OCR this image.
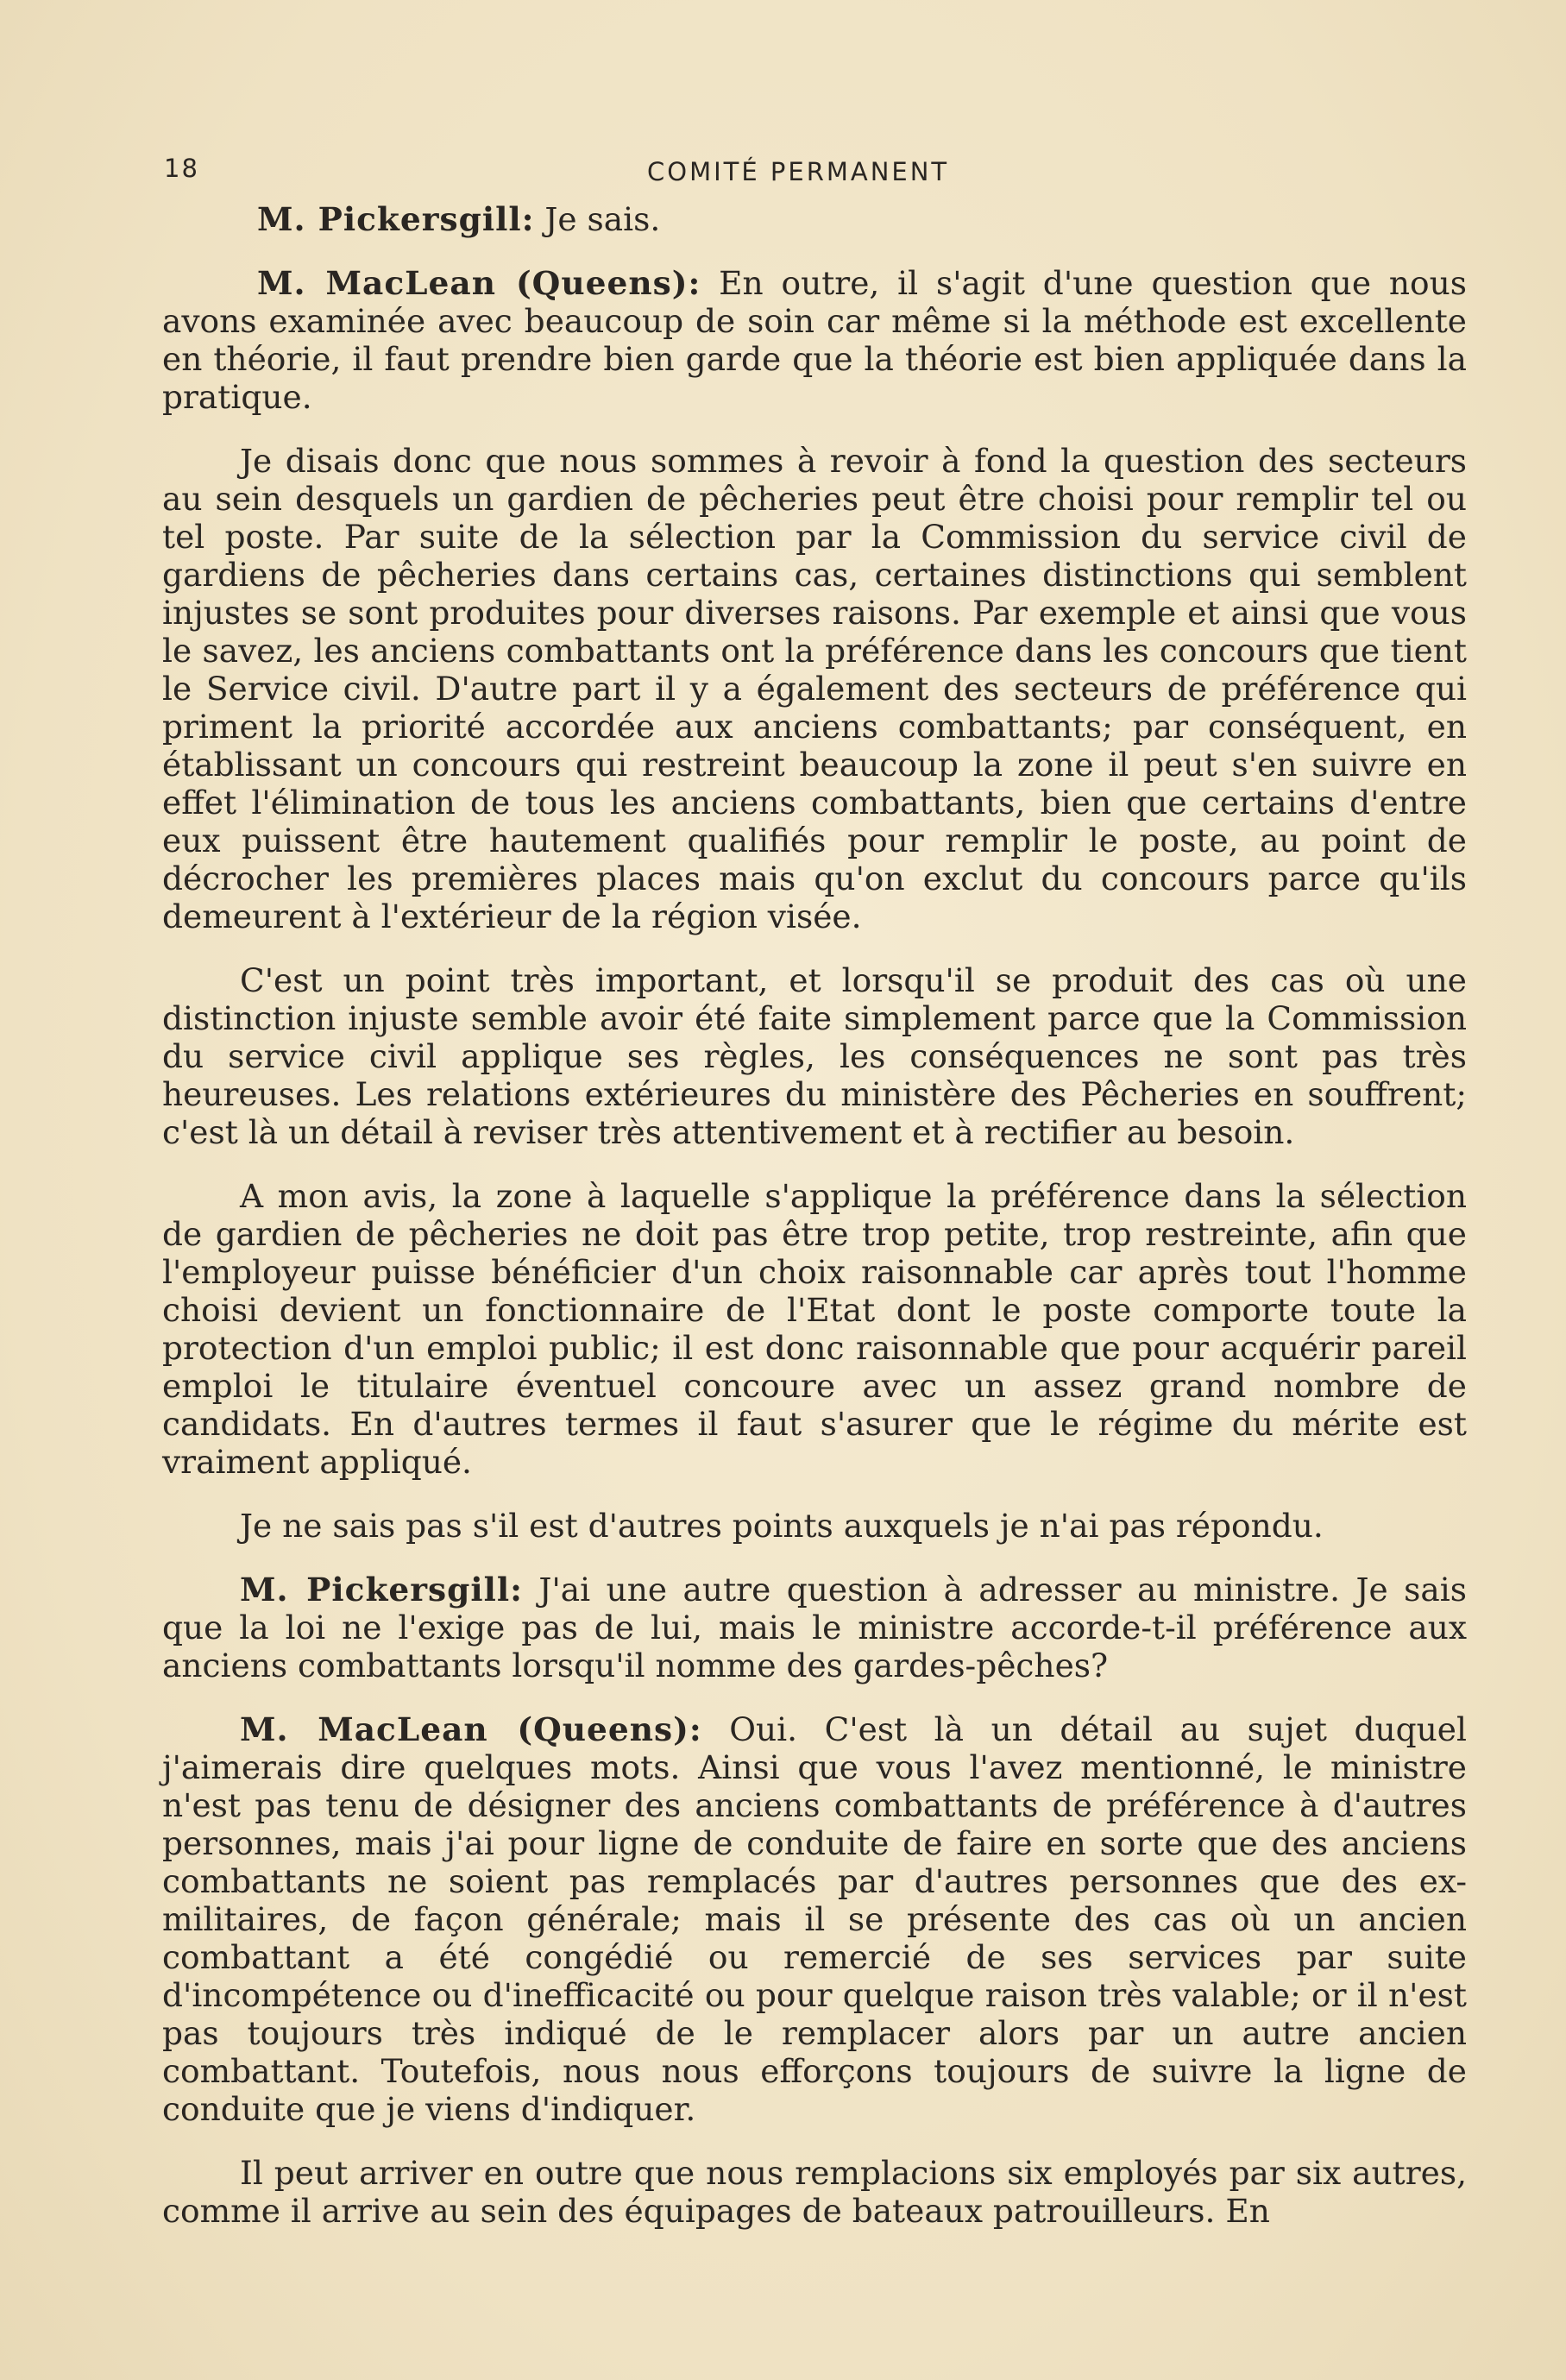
18	COMITÉ PERMANENT

M. Pickersgill: Je sais.

M. MacLean (Queens): En outre, il s'agit d'une question que nous avons examinée avec beaucoup de soin car même si la méthode est excellente en théorie, il faut prendre bien garde que la théorie est bien appliquée dans la pratique.

Je disais donc que nous sommes à revoir à fond la question des secteurs au sein desquels un gardien de pêcheries peut être choisi pour remplir tel ou tel poste. Par suite de la sélection par la Commission du service civil de gardiens de pêcheries dans certains cas, certaines distinctions qui semblent injustes se sont produites pour diverses raisons. Par exemple et ainsi que vous le savez, les anciens combattants ont la préférence dans les concours que tient le Service civil. D'autre part il y a également des secteurs de préférence qui priment la priorité accordée aux anciens combattants; par conséquent, en établissant un concours qui restreint beaucoup la zone il peut s'en suivre en effet l'élimination de tous les anciens combattants, bien que certains d'entre eux puissent être hautement qualifiés pour remplir le poste, au point de décrocher les premières places mais qu'on exclut du concours parce qu'ils demeurent à l'extérieur de la région visée.

C'est un point très important, et lorsqu'il se produit des cas où une distinction injuste semble avoir été faite simplement parce que la Commission du service civil applique ses règles, les conséquences ne sont pas très heureuses. Les relations extérieures du ministère des Pêcheries en souffrent; c'est là un détail à reviser très attentivement et à rectifier au besoin.

A mon avis, la zone à laquelle s'applique la préférence dans la sélection de gardien de pêcheries ne doit pas être trop petite, trop restreinte, afin que l'employeur puisse bénéficier d'un choix raisonnable car après tout l'homme choisi devient un fonctionnaire de l'Etat dont le poste comporte toute la protection d'un emploi public; il est donc raisonnable que pour acquérir pareil emploi le titulaire éventuel concoure avec un assez grand nombre de candidats. En d'autres termes il faut s'asurer que le régime du mérite est vraiment appliqué.

Je ne sais pas s'il est d'autres points auxquels je n'ai pas répondu.

M. Pickersgill: J'ai une autre question à adresser au ministre. Je sais que la loi ne l'exige pas de lui, mais le ministre accorde-t-il préférence aux anciens combattants lorsqu'il nomme des gardes-pêches?

M. MacLean (Queens): Oui. C'est là un détail au sujet duquel j'aimerais dire quelques mots. Ainsi que vous l'avez mentionné, le ministre n'est pas tenu de désigner des anciens combattants de préférence à d'autres personnes, mais j'ai pour ligne de conduite de faire en sorte que des anciens combattants ne soient pas remplacés par d'autres personnes que des ex-militaires, de façon générale; mais il se présente des cas où un ancien combattant a été congédié ou remercié de ses services par suite d'incompétence ou d'inefficacité ou pour quelque raison très valable; or il n'est pas toujours très indiqué de le remplacer alors par un autre ancien combattant. Toutefois, nous nous efforçons toujours de suivre la ligne de conduite que je viens d'indiquer.

Il peut arriver en outre que nous remplacions six employés par six autres, comme il arrive au sein des équipages de bateaux patrouilleurs. En
